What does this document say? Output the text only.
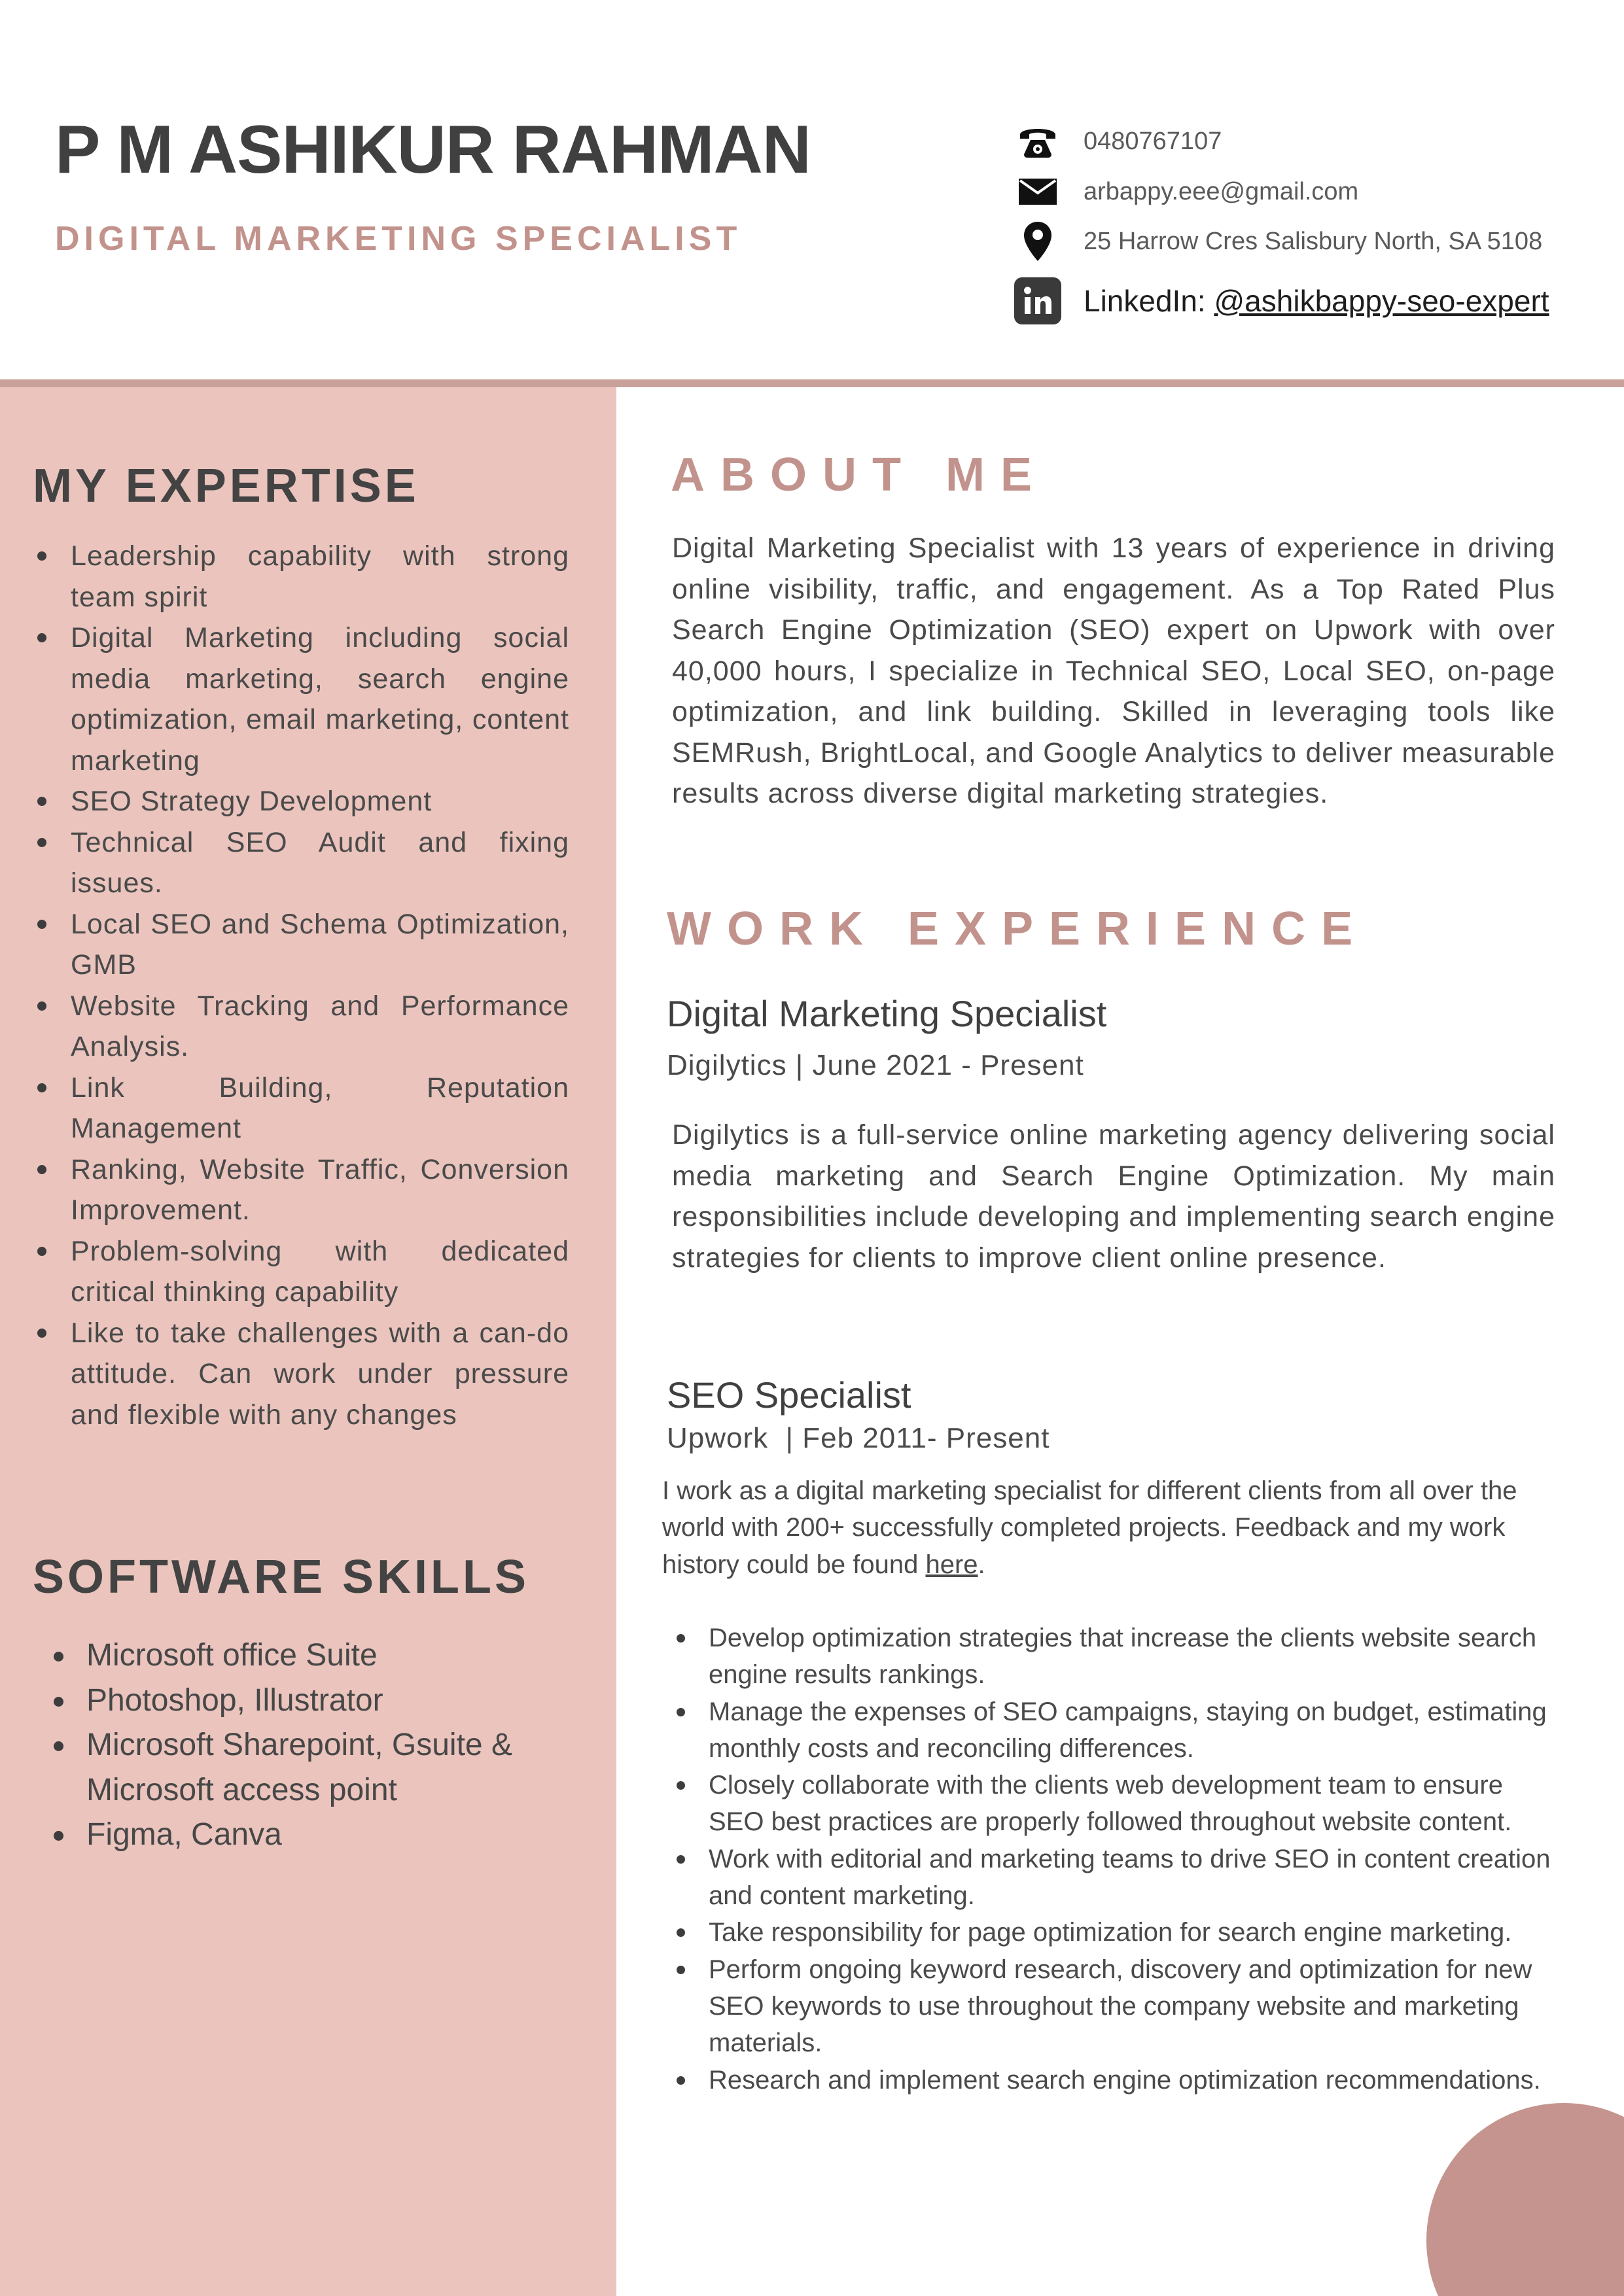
P M ASHIKUR RAHMAN
DIGITAL MARKETING SPECIALIST
0480767107
arbappy.eee@gmail.com
25 Harrow Cres Salisbury North, SA 5108
LinkedIn: @ashikbappy-seo-expert
MY EXPERTISE
Leadership capability with strong team spirit
Digital Marketing including social media marketing, search engine optimization, email marketing, content marketing
SEO Strategy Development
Technical SEO Audit and fixing issues.
Local SEO and Schema Optimization, GMB
Website Tracking and Performance Analysis.
Link Building, Reputation Management
Ranking, Website Traffic, Conversion Improvement.
Problem-solving with dedicated critical thinking capability
Like to take challenges with a can-do attitude. Can work under pressure and flexible with any changes
SOFTWARE SKILLS
Microsoft office Suite
Photoshop, Illustrator
Microsoft Sharepoint, Gsuite & Microsoft access point
Figma, Canva
ABOUT ME
Digital Marketing Specialist with 13 years of experience in driving online visibility, traffic, and engagement. As a Top Rated Plus Search Engine Optimization (SEO) expert on Upwork with over 40,000 hours, I specialize in Technical SEO, Local SEO, on-page optimization, and link building. Skilled in leveraging tools like SEMRush, BrightLocal, and Google Analytics to deliver measurable results across diverse digital marketing strategies.
WORK EXPERIENCE
Digital Marketing Specialist
Digilytics | June 2021 - Present
Digilytics is a full-service online marketing agency delivering social media marketing and Search Engine Optimization. My main responsibilities include developing and implementing search engine strategies for clients to improve client online presence.
SEO Specialist
Upwork  | Feb 2011- Present
I work as a digital marketing specialist for different clients from all over the world with 200+ successfully completed projects. Feedback and my work history could be found here.
Develop optimization strategies that increase the clients website search engine results rankings.
Manage the expenses of SEO campaigns, staying on budget, estimating monthly costs and reconciling differences.
Closely collaborate with the clients web development team to ensure SEO best practices are properly followed throughout website content.
Work with editorial and marketing teams to drive SEO in content creation and content marketing.
Take responsibility for page optimization for search engine marketing.
Perform ongoing keyword research, discovery and optimization for new SEO keywords to use throughout the company website and marketing materials.
Research and implement search engine optimization recommendations.
